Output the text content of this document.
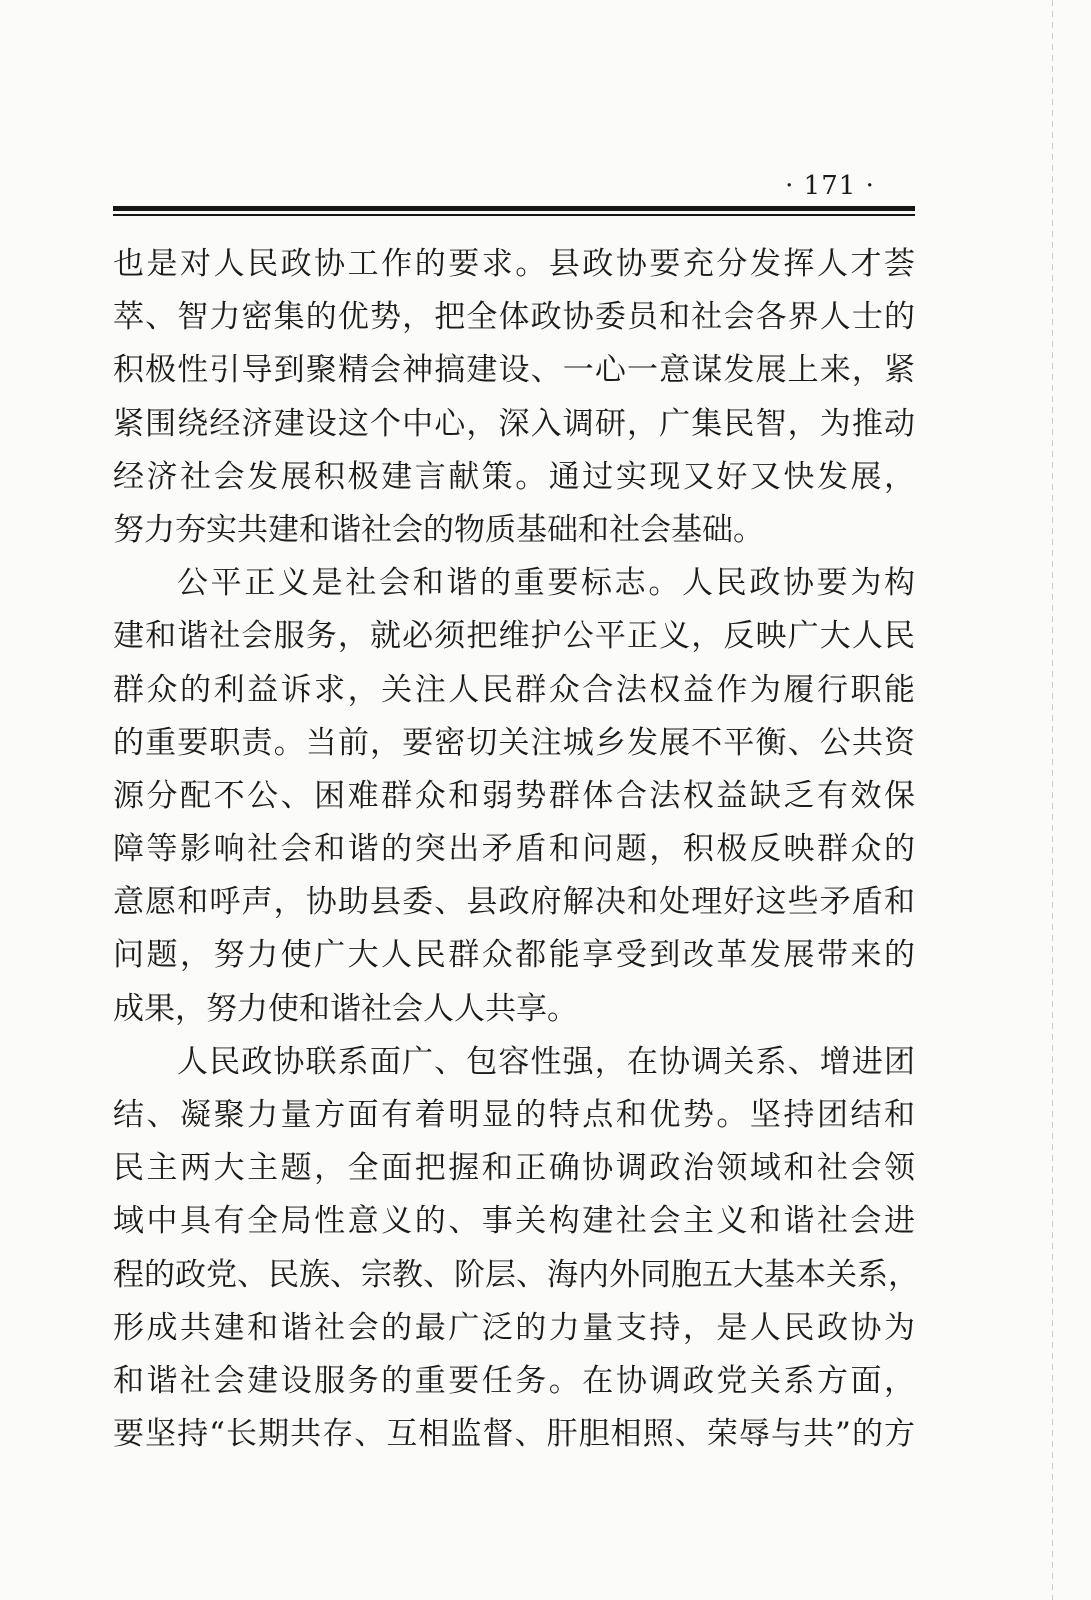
· 171 ·
也是对人民政协工作的要求。县政协要充分发挥人才荟
萃、智力密集的优势，把全体政协委员和社会各界人士的
积极性引导到聚精会神搞建设、一心一意谋发展上来，紧
紧围绕经济建设这个中心，深入调研，广集民智，为推动
经济社会发展积极建言献策。通过实现又好又快发展，
努力夯实共建和谐社会的物质基础和社会基础。
公平正义是社会和谐的重要标志。人民政协要为构
建和谐社会服务，就必须把维护公平正义，反映广大人民
群众的利益诉求，关注人民群众合法权益作为履行职能
的重要职责。当前，要密切关注城乡发展不平衡、公共资
源分配不公、困难群众和弱势群体合法权益缺乏有效保
障等影响社会和谐的突出矛盾和问题，积极反映群众的
意愿和呼声，协助县委、县政府解决和处理好这些矛盾和
问题，努力使广大人民群众都能享受到改革发展带来的
成果，努力使和谐社会人人共享。
人民政协联系面广、包容性强，在协调关系、增进团
结、凝聚力量方面有着明显的特点和优势。坚持团结和
民主两大主题，全面把握和正确协调政治领域和社会领
域中具有全局性意义的、事关构建社会主义和谐社会进
程的政党、民族、宗教、阶层、海内外同胞五大基本关系，
形成共建和谐社会的最广泛的力量支持，是人民政协为
和谐社会建设服务的重要任务。在协调政党关系方面，
要坚持“长期共存、互相监督、肝胆相照、荣辱与共”的方
